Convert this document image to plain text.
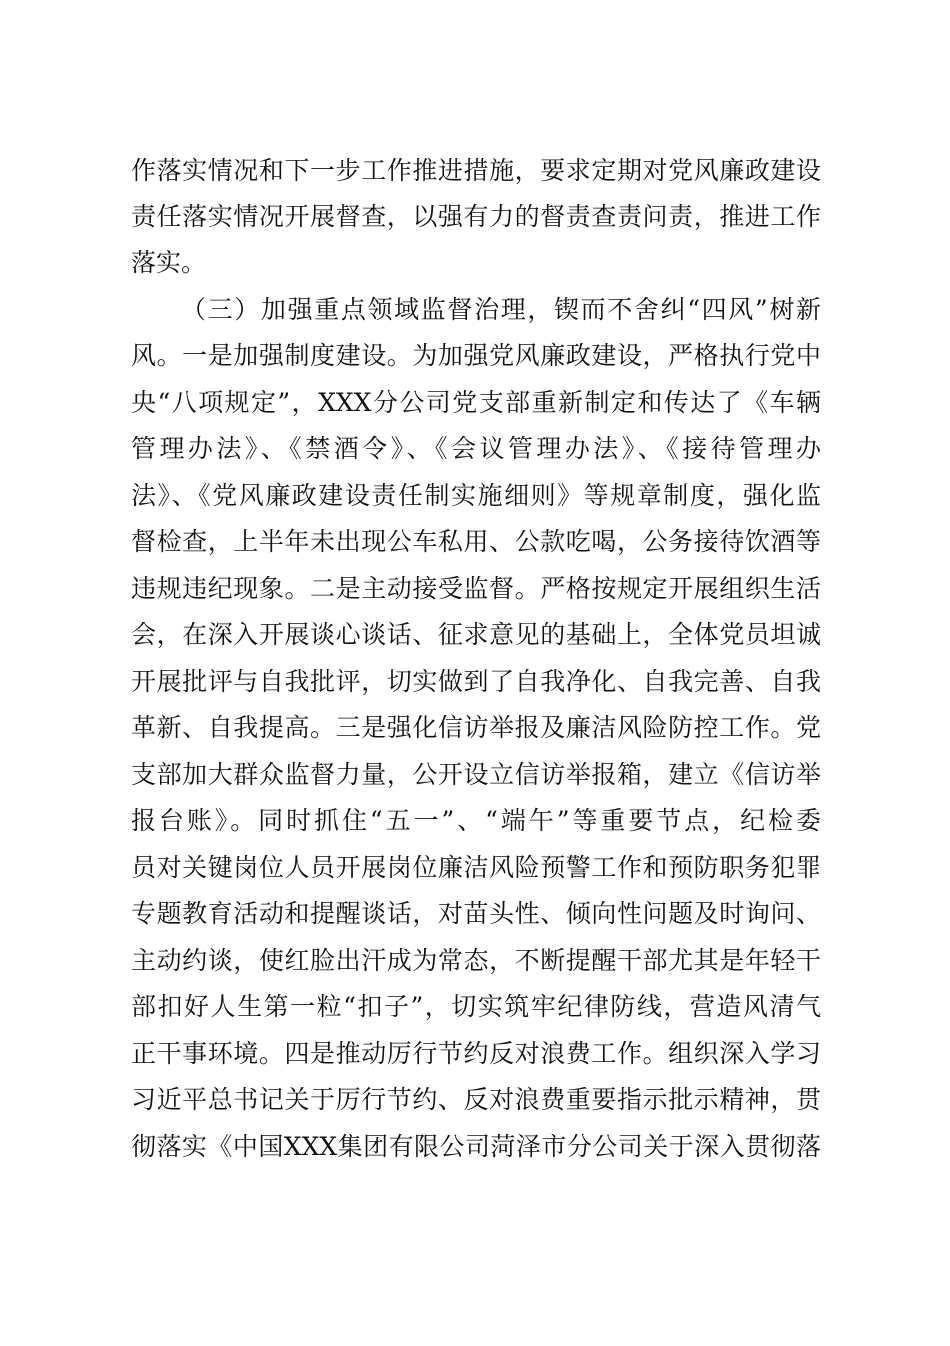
作落实情况和下一步工作推进措施，要求定期对党风廉政建设
责任落实情况开展督查，以强有力的督责查责问责，推进工作
落实。
（三）加强重点领域监督治理，锲而不舍纠“四风”树新
风。一是加强制度建设。为加强党风廉政建设，严格执行党中
央“八项规定”，XXX分公司党支部重新制定和传达了《车辆
管理办法》、《禁酒令》、《会议管理办法》、《接待管理办
法》、《党风廉政建设责任制实施细则》等规章制度，强化监
督检查，上半年未出现公车私用、公款吃喝，公务接待饮酒等
违规违纪现象。二是主动接受监督。严格按规定开展组织生活
会，在深入开展谈心谈话、征求意见的基础上，全体党员坦诚
开展批评与自我批评，切实做到了自我净化、自我完善、自我
革新、自我提高。三是强化信访举报及廉洁风险防控工作。党
支部加大群众监督力量，公开设立信访举报箱，建立《信访举
报台账》。同时抓住“五一”、“端午”等重要节点，纪检委
员对关键岗位人员开展岗位廉洁风险预警工作和预防职务犯罪
专题教育活动和提醒谈话，对苗头性、倾向性问题及时询问、
主动约谈，使红脸出汗成为常态，不断提醒干部尤其是年轻干
部扣好人生第一粒“扣子”，切实筑牢纪律防线，营造风清气
正干事环境。四是推动厉行节约反对浪费工作。组织深入学习
习近平总书记关于厉行节约、反对浪费重要指示批示精神，贯
彻落实《中国XXX集团有限公司菏泽市分公司关于深入贯彻落
